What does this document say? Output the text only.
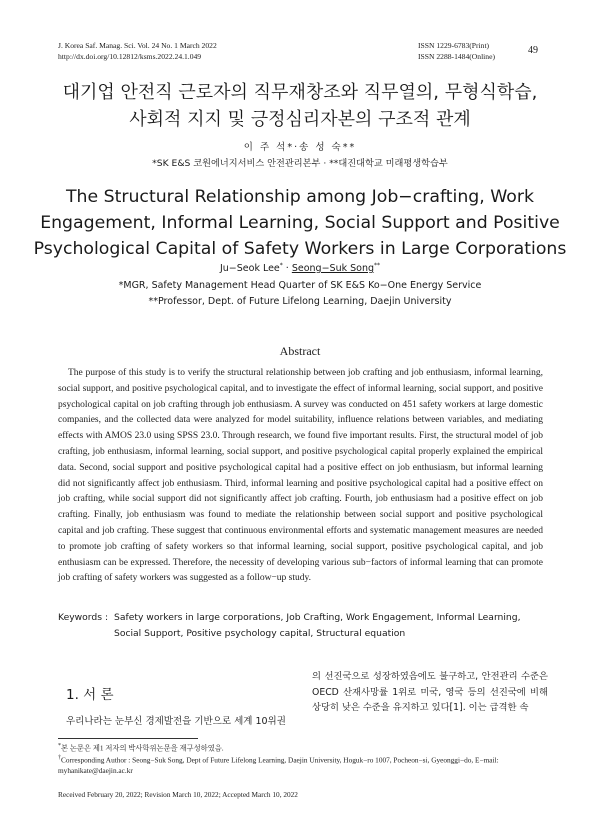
J. Korea Saf. Manag. Sci. Vol. 24 No. 1 March 2022
http://dx.doi.org/10.12812/ksms.2022.24.1.049
ISSN 1229-6783(Print)
ISSN 2288-1484(Online)
49
대기업 안전직 근로자의 직무재창조와 직무열의, 무형식학습,
사회적 지지 및 긍정심리자본의 구조적 관계
이 주 석*·송 성 숙**
*SK E&S 코원에너지서비스 안전관리본부 · **대진대학교 미래평생학습부
The Structural Relationship among Job−crafting, Work
Engagement, Informal Learning, Social Support and Positive
Psychological Capital of Safety Workers in Large Corporations
Ju−Seok Lee* · Seong−Suk Song**
*MGR, Safety Management Head Quarter of SK E&S Ko−One Energy Service
**Professor, Dept. of Future Lifelong Learning, Daejin University
Abstract
The purpose of this study is to verify the structural relationship between job crafting and job enthusiasm, informal learning, social support, and positive psychological capital, and to investigate the effect of informal learning, social support, and positive psychological capital on job crafting through job enthusiasm. A survey was conducted on 451 safety workers at large domestic companies, and the collected data were analyzed for model suitability, influence relations between variables, and mediating effects with AMOS 23.0 using SPSS 23.0. Through research, we found five important results. First, the structural model of job crafting, job enthusiasm, informal learning, social support, and positive psychological capital properly explained the empirical data. Second, social support and positive psychological capital had a positive effect on job enthusiasm, but informal learning did not significantly affect job enthusiasm. Third, informal learning and positive psychological capital had a positive effect on job crafting, while social support did not significantly affect job crafting. Fourth, job enthusiasm had a positive effect on job crafting. Finally, job enthusiasm was found to mediate the relationship between social support and positive psychological capital and job crafting. These suggest that continuous environmental efforts and systematic management measures are needed to promote job crafting of safety workers so that informal learning, social support, positive psychological capital, and job enthusiasm can be expressed. Therefore, the necessity of developing various sub−factors of informal learning that can promote job crafting of safety workers was suggested as a follow−up study.
Keywords : Safety workers in large corporations, Job Crafting, Work Engagement, Informal Learning,
Social Support, Positive psychology capital, Structural equation
1. 서 론
우리나라는 눈부신 경제발전을 기반으로 세계 10위권
의 선진국으로 성장하였음에도 불구하고, 안전관리 수준은 OECD 산재사망률 1위로 미국, 영국 등의 선진국에 비해 상당히 낮은 수준을 유지하고 있다[1]. 이는 급격한 속
*본 논문은 제1 저자의 박사학위논문을 재구성하였음.
†Corresponding Author : Seong−Suk Song, Dept of Future Lifelong Learning, Daejin University, Hoguk−ro 1007, Pocheon−si, Gyeonggi−do, E−mail: myhanikate@daejin.ac.kr
Received February 20, 2022; Revision March 10, 2022; Accepted March 10, 2022
